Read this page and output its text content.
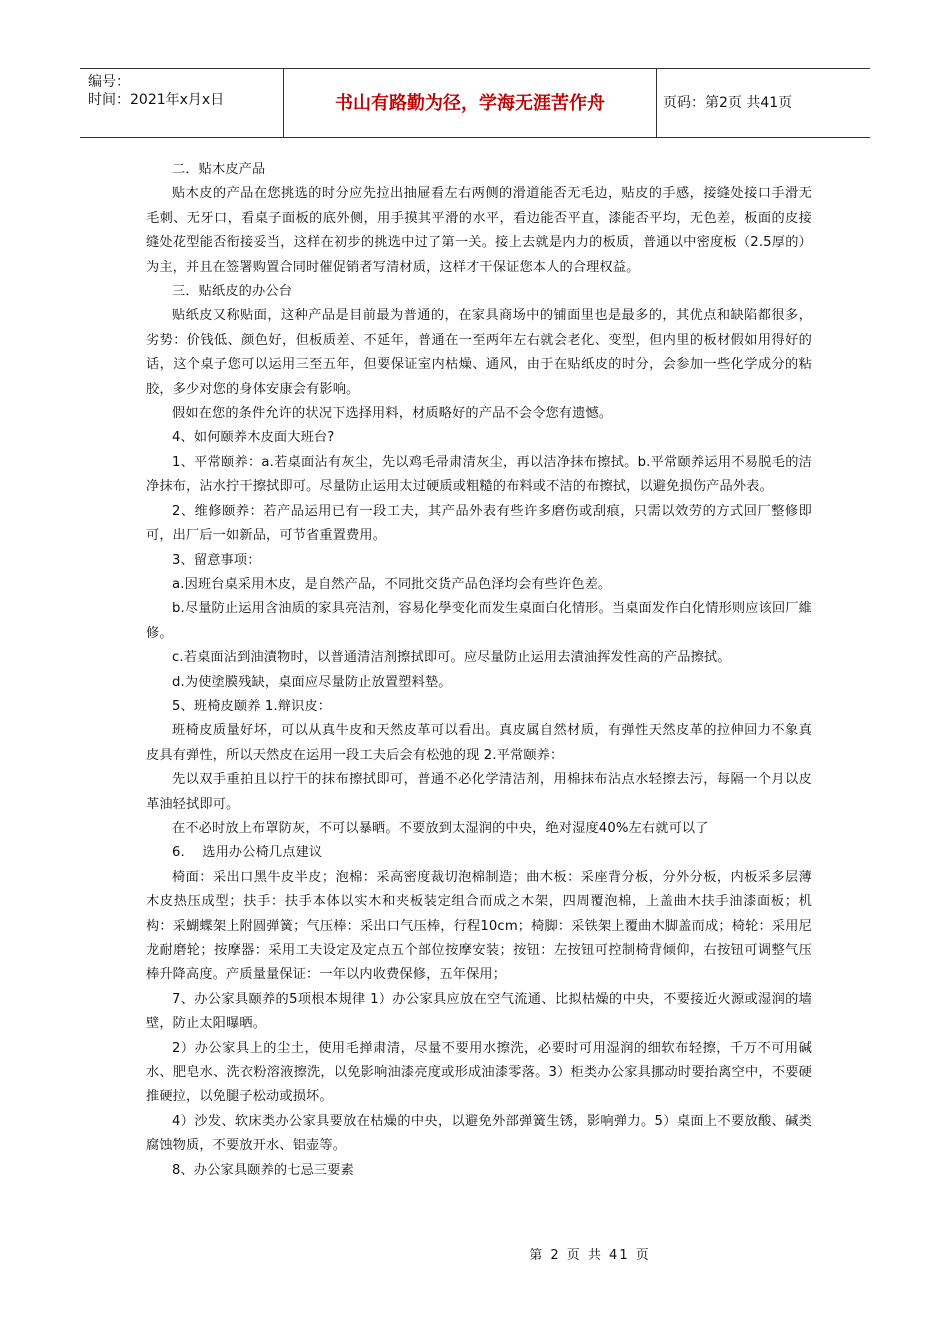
编号：
时间：2021年x月x日	书山有路勤为径，学海无涯苦作舟	页码：第2页 共41页

二．贴木皮产品

贴木皮的产品在您挑选的时分应先拉出抽屉看左右两侧的滑道能否无毛边，贴皮的手感，接缝处接口手滑无毛刺、无牙口，看桌子面板的底外侧，用手摸其平滑的水平，看边能否平直，漆能否平均，无色差，板面的皮接缝处花型能否衔接妥当，这样在初步的挑选中过了第一关。接上去就是内力的板质，普通以中密度板（2.5厚的）为主，并且在签署购置合同时催促销者写清材质，这样才干保证您本人的合理权益。

三．贴纸皮的办公台

贴纸皮又称贴面，这种产品是目前最为普通的，在家具商场中的铺面里也是最多的，其优点和缺陷都很多，劣势：价钱低、颜色好，但板质差、不延年，普通在一至两年左右就会老化、变型，但内里的板材假如用得好的话，这个桌子您可以运用三至五年，但要保证室内枯燥、通风，由于在贴纸皮的时分，会参加一些化学成分的粘胶，多少对您的身体安康会有影响。

假如在您的条件允许的状况下选择用料，材质略好的产品不会令您有遗憾。

4、如何颐养木皮面大班台?

1、平常颐养：a.若桌面沾有灰尘，先以鸡毛帚肃清灰尘，再以洁净抹布擦拭。b.平常颐养运用不易脱毛的洁净抹布，沾水拧干擦拭即可。尽量防止运用太过硬质或粗糙的布料或不洁的布擦拭，以避免损伤产品外表。

2、维修颐养：若产品运用已有一段工夫，其产品外表有些许多磨伤或刮痕，只需以效劳的方式回厂整修即可，出厂后一如新品，可节省重置费用。

3、留意事项：

a.因班台桌采用木皮，是自然产品，不同批交货产品色泽均会有些许色差。

b.尽量防止运用含油质的家具亮洁剂，容易化學变化而发生桌面白化情形。当桌面发作白化情形则应该回厂維修。

c.若桌面沾到油漬物时，以普通清洁剂擦拭即可。应尽量防止运用去漬油挥发性高的产品擦拭。

d.为使塗膜残缺，桌面应尽量防止放置塑料墊。

5、班椅皮颐养 1.辩识皮：

班椅皮质量好坏，可以从真牛皮和天然皮革可以看出。真皮属自然材质，有弹性天然皮革的拉伸回力不象真皮具有弹性，所以天然皮在运用一段工夫后会有松弛的现 2.平常颐养：

先以双手重拍且以拧干的抹布擦拭即可，普通不必化学清洁剂，用棉抹布沾点水轻擦去污，每隔一个月以皮革油轻拭即可。

在不必时放上布罩防灰，不可以暴晒。不要放到太湿润的中央，绝对湿度40%左右就可以了

6.    选用办公椅几点建议

椅面：采出口黑牛皮半皮；泡棉：采高密度裁切泡棉制造；曲木板：采座背分板，分外分板，内板采多层薄木皮热压成型；扶手：扶手本体以实木和夹板装定组合而成之木架，四周覆泡棉，上盖曲木扶手油漆面板；机构：采蝴蝶架上附圆弹簧；气压棒：采出口气压棒，行程10cm；椅脚：采铁架上覆曲木脚盖而成；椅轮：采用尼龙耐磨轮；按摩器：采用工夫设定及定点五个部位按摩安装；按钮：左按钮可控制椅背倾仰，右按钮可调整气压棒升降高度。产质量量保证：一年以内收费保修，五年保用；

7、办公家具颐养的5项根本規律 1）办公家具应放在空气流通、比拟枯燥的中央，不要接近火源或湿润的墙壁，防止太阳曝晒。

2）办公家具上的尘土，使用毛掸肃清，尽量不要用水擦洗，必要时可用湿润的细软布轻擦，千万不可用碱水、肥皂水、洗衣粉溶液擦洗，以免影响油漆亮度或形成油漆零落。3）柜类办公家具挪动时要抬离空中，不要硬推硬拉，以免腿子松动或损坏。

4）沙发、软床类办公家具要放在枯燥的中央，以避免外部弹簧生锈，影响弹力。5）桌面上不要放酸、碱类腐蚀物质，不要放开水、铝壶等。

8、办公家具颐养的七忌三要素

第 2 页 共 41 页
